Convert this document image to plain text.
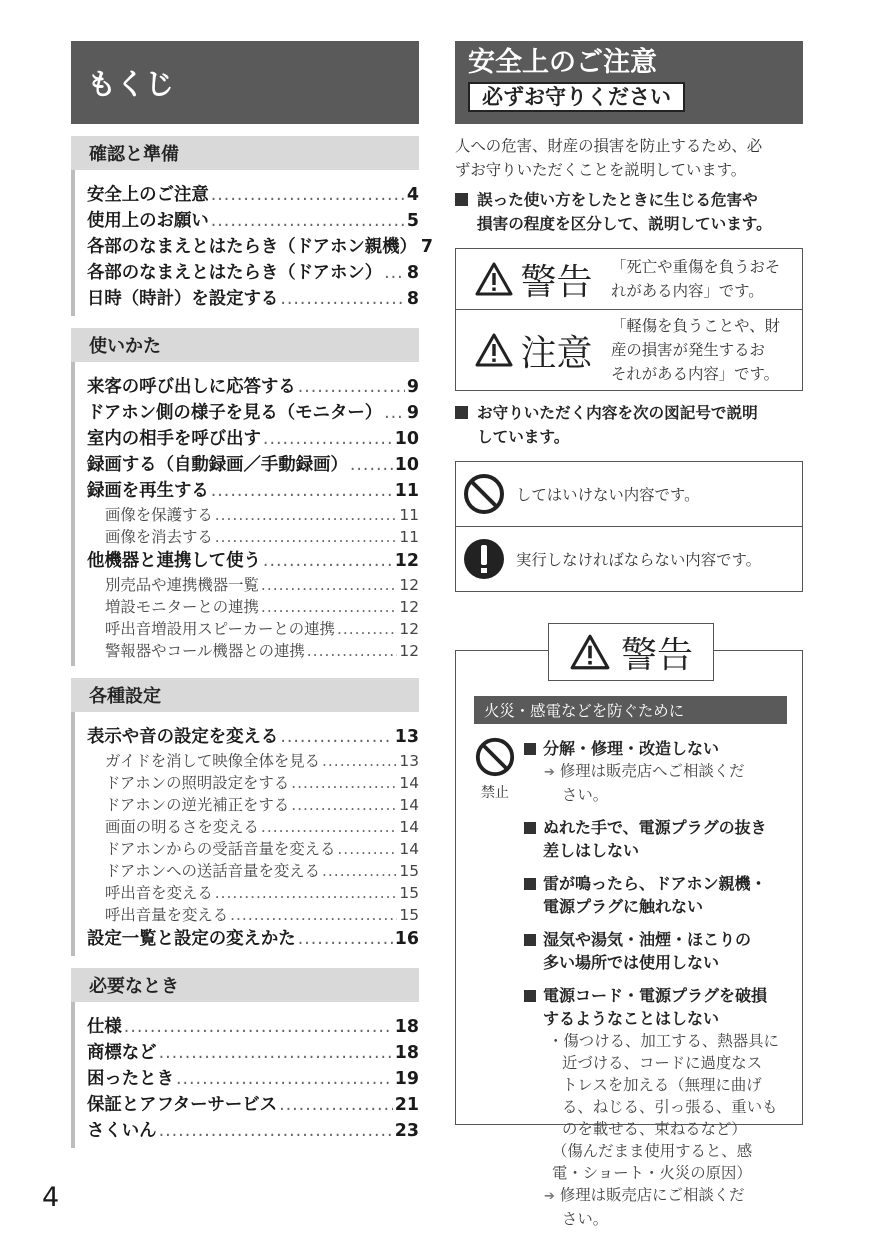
もくじ
確認と準備
安全上のご注意 .....	4
使用上のお願い .....	5
各部のなまえとはたらき（ドアホン親機） 7
各部のなまえとはたらき（ドアホン） ..... 8
日時（時計）を設定する .....	8
使いかた
来客の呼び出しに応答する .....	9
ドアホン側の様子を見る（モニター） ..... 9
室内の相手を呼び出す .....	10
録画する（自動録画／手動録画） .....	10
録画を再生する .....	11
画像を保護する .....	11
画像を消去する .....	11
他機器と連携して使う .....	12
別売品や連携機器一覧 .....	12
増設モニターとの連携 .....	12
呼出音増設用スピーカーとの連携 .....	12
警報器やコール機器との連携 .....	12
各種設定
表示や音の設定を変える .....	13
ガイドを消して映像全体を見る .....	13
ドアホンの照明設定をする .....	14
ドアホンの逆光補正をする .....	14
画面の明るさを変える .....	14
ドアホンからの受話音量を変える .....	14
ドアホンへの送話音量を変える .....	15
呼出音を変える .....	15
呼出音量を変える .....	15
設定一覧と設定の変えかた .....	16
必要なとき
仕様 .....	18
商標など .....	18
困ったとき .....	19
保証とアフターサービス .....	21
さくいん .....	23
4
安全上のご注意
必ずお守りください
人への危害、財産の損害を防止するため、必
ずお守りいただくことを説明しています。
誤った使い方をしたときに生じる危害や
損害の程度を区分して、説明しています。
警告 「死亡や重傷を負うおそ
れがある内容」です。
注意
「軽傷を負うことや、財
産の損害が発生するお
それがある内容」です。
お守りいただく内容を次の図記号で説明
しています。
してはいけない内容です。
実行しなければならない内容です。
警告
火災・感電などを防ぐために
禁止
分解・修理・改造しない
➔ 修理は販売店へご相談くだ
さい。
ぬれた手で、電源プラグの抜き
差しはしない
雷が鳴ったら、ドアホン親機・
電源プラグに触れない
湿気や湯気・油煙・ほこりの
多い場所では使用しない
電源コード・電源プラグを破損
するようなことはしない
・傷つける、加工する、熱器具に
近づける、コードに過度なス
トレスを加える（無理に曲げ
る、ねじる、引っ張る、重いも
のを載せる、束ねるなど）
（傷んだまま使用すると、感
電・ショート・火災の原因）
➔ 修理は販売店にご相談くだ
さい。
